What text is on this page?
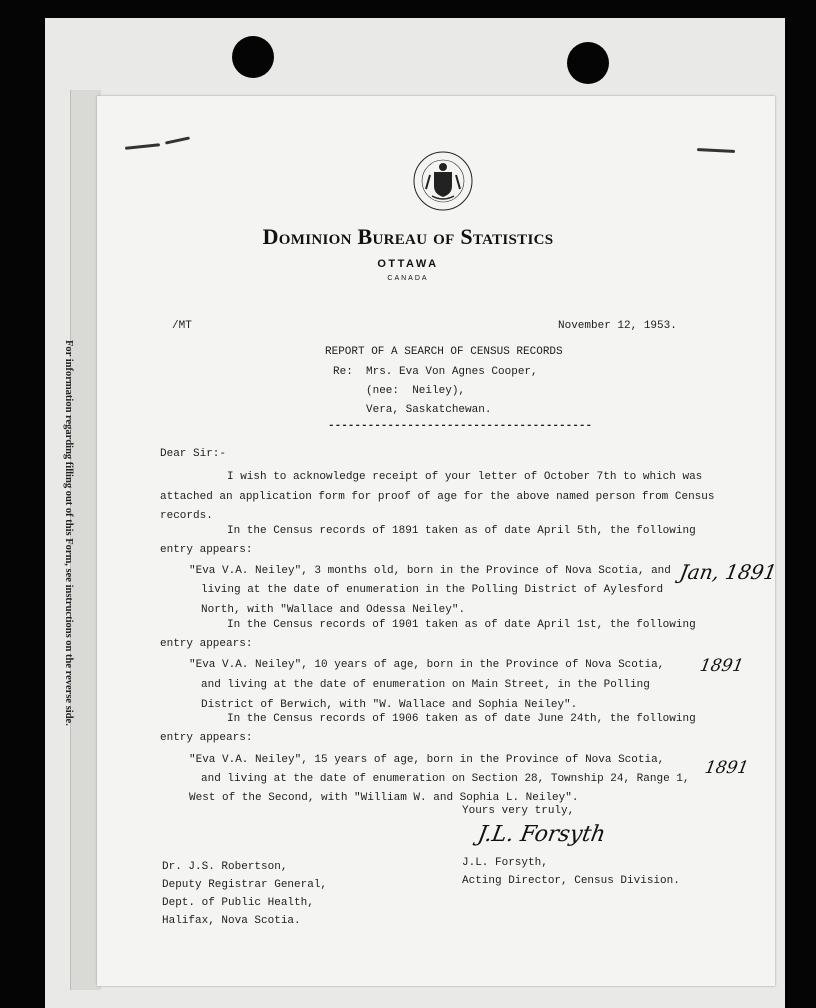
For information regarding filling out of this Form, see instructions on the reverse side.
Dominion Bureau of Statistics
OTTAWA
CANADA
/MT	November 12, 1953.
REPORT OF A SEARCH OF CENSUS RECORDS
Re: Mrs. Eva Von Agnes Cooper,
(nee:  Neiley),
Vera, Saskatchewan.
----------------------------------------
Dear Sir:-
I wish to acknowledge receipt of your letter of October 7th to which was
attached an application form for proof of age for the above named person from Census
records.
In the Census records of 1891 taken as of date April 5th, the following
entry appears:
"Eva V.A. Neiley", 3 months old, born in the Province of Nova Scotia, and
living at the date of enumeration in the Polling District of Aylesford
North, with "Wallace and Odessa Neiley".
In the Census records of 1901 taken as of date April 1st, the following
entry appears:
"Eva V.A. Neiley", 10 years of age, born in the Province of Nova Scotia,
and living at the date of enumeration on Main Street, in the Polling
District of Berwich, with "W. Wallace and Sophia Neiley".
In the Census records of 1906 taken as of date June 24th, the following
entry appears:
"Eva V.A. Neiley", 15 years of age, born in the Province of Nova Scotia,
and living at the date of enumeration on Section 28, Township 24, Range 1,
West of the Second, with "William W. and Sophia L. Neiley".
Yours very truly,
J.L. Forsyth
J.L. Forsyth,
Acting Director, Census Division.
Dr. J.S. Robertson,
Deputy Registrar General,
Dept. of Public Health,
Halifax, Nova Scotia.
Jan, 1891
1891
1891
